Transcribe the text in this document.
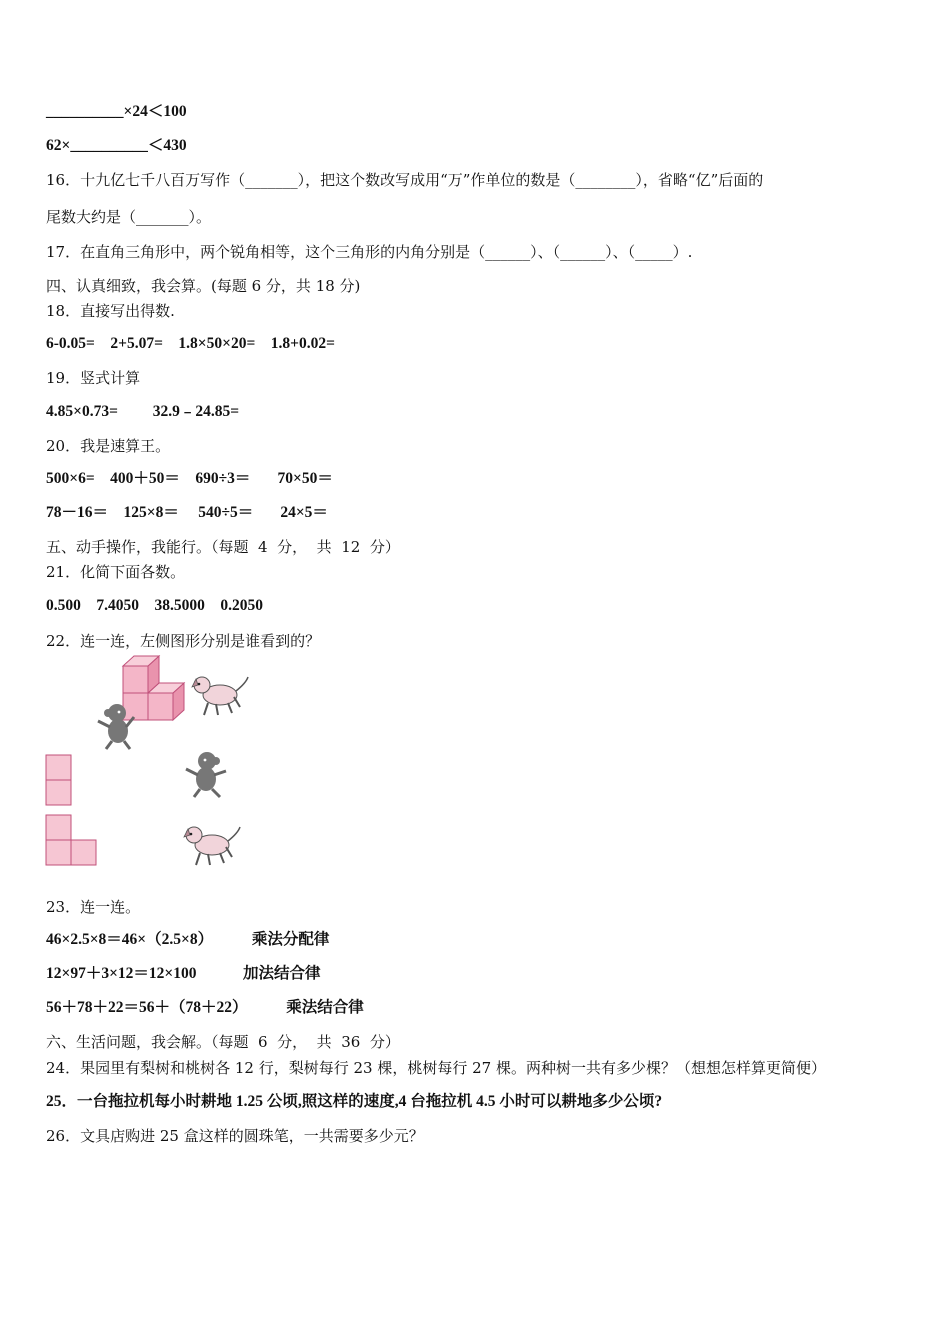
__________×24＜100
62×__________＜430
16．十九亿七千八百万写作（_______），把这个数改写成用“万”作单位的数是（________），省略“亿”后面的
尾数大约是（_______）。
17．在直角三角形中，两个锐角相等，这个三角形的内角分别是（______）、（______）、（_____）.
四、认真细致，我会算。(每题 6 分，共 18 分)
18．直接写出得数.
6-0.05=    2+5.07=    1.8×50×20=    1.8+0.02=
19．竖式计算
4.85×0.73=         32.9﹣24.85=
20．我是速算王。
500×6=    400＋50＝    690÷3＝       70×50＝
78－16＝    125×8＝     540÷5＝       24×5＝
五、动手操作，我能行。（每题  4  分，  共  12  分）
21．化简下面各数。
0.500    7.4050    38.5000    0.2050
22．连一连，左侧图形分别是谁看到的？
23．连一连。
46×2.5×8＝46×（2.5×8）          乘法分配律
12×97＋3×12＝12×100            加法结合律
56＋78＋22＝56＋（78＋22）          乘法结合律
六、生活问题，我会解。（每题  6  分，  共  36  分）
24．果园里有梨树和桃树各 12 行，梨树每行 23 棵，桃树每行 27 棵。两种树一共有多少棵？（想想怎样算更简便）
25．一台拖拉机每小时耕地 1.25 公顷,照这样的速度,4 台拖拉机 4.5 小时可以耕地多少公顷?
26．文具店购进 25 盒这样的圆珠笔，一共需要多少元？
